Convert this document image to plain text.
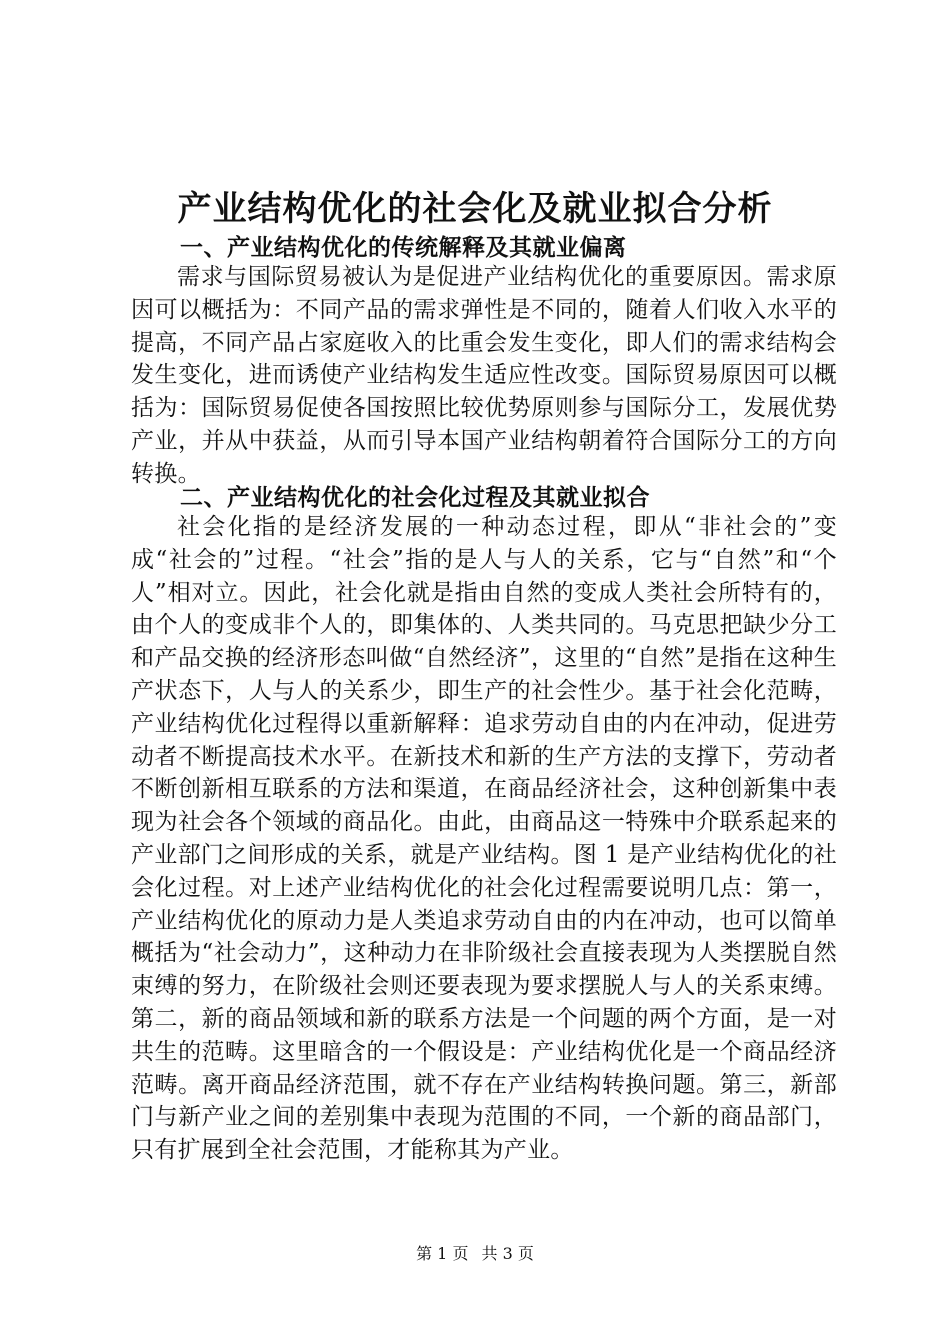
产业结构优化的社会化及就业拟合分析
一、产业结构优化的传统解释及其就业偏离

需求与国际贸易被认为是促进产业结构优化的重要原因。需求原因可以概括为：不同产品的需求弹性是不同的，随着人们收入水平的提高，不同产品占家庭收入的比重会发生变化，即人们的需求结构会发生变化，进而诱使产业结构发生适应性改变。国际贸易原因可以概括为：国际贸易促使各国按照比较优势原则参与国际分工，发展优势产业，并从中获益，从而引导本国产业结构朝着符合国际分工的方向转换。

二、产业结构优化的社会化过程及其就业拟合

社会化指的是经济发展的一种动态过程，即从“非社会的”变成“社会的”过程。“社会”指的是人与人的关系，它与“自然”和“个人”相对立。因此，社会化就是指由自然的变成人类社会所特有的，由个人的变成非个人的，即集体的、人类共同的。马克思把缺少分工和产品交换的经济形态叫做“自然经济”，这里的“自然”是指在这种生产状态下，人与人的关系少，即生产的社会性少。基于社会化范畴，产业结构优化过程得以重新解释：追求劳动自由的内在冲动，促进劳动者不断提高技术水平。在新技术和新的生产方法的支撑下，劳动者不断创新相互联系的方法和渠道，在商品经济社会，这种创新集中表现为社会各个领域的商品化。由此，由商品这一特殊中介联系起来的产业部门之间形成的关系，就是产业结构。图 1 是产业结构优化的社会化过程。对上述产业结构优化的社会化过程需要说明几点：第一，产业结构优化的原动力是人类追求劳动自由的内在冲动，也可以简单概括为“社会动力”，这种动力在非阶级社会直接表现为人类摆脱自然束缚的努力，在阶级社会则还要表现为要求摆脱人与人的关系束缚。第二，新的商品领域和新的联系方法是一个问题的两个方面，是一对共生的范畴。这里暗含的一个假设是：产业结构优化是一个商品经济范畴。离开商品经济范围，就不存在产业结构转换问题。第三，新部门与新产业之间的差别集中表现为范围的不同，一个新的商品部门，只有扩展到全社会范围，才能称其为产业。

第 1 页 共 3 页
